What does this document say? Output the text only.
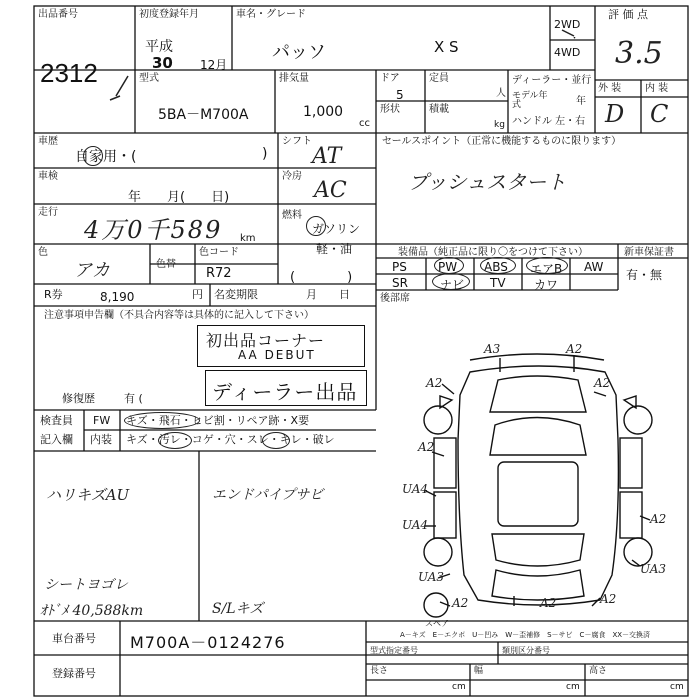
出品番号
2312
初度登録年月
平成
30 12月
車名・グレード
パッソ	X S
2WD
・
4WD
評 価 点
3.5
外 装 内 装
D C
型式
5BA－M700A
排気量
1,000
cc
ドア
5
形状
定員
人
積載
kg
ディーラー・並行
モデル年式	年
ハンドル 左・右
車歴
自家用・(	)
車検
年　　月(　　日)
走行
4万0千589 km
色
アカ	色替
色コード
R72	(　　　　)
シフト
AT
冷房
AC
燃料
ガソリン
軽・油
R券	8,190	円 名変期限	月　　日
セールスポイント（正常に機能するものに限ります）
プッシュスタート
装備品（純正品に限り〇をつけて下さい）	新車保証書
PS	PW ABS エアB AW
SR	ナビ TV カワ
有・無
後部席
注意事項申告欄（不具合内容等は具体的に記入して下さい）
初出品コーナー
AA DEBUT
ディーラー出品
修復歴	有 (
検査員
記入欄
FW
内装
キズ・飛石・ヒビ割・リペア跡・X要
キズ・汚レ・コゲ・穴・スレ・キレ・破レ
ハリキズAU	エンドパイプサビ
シートヨゴレ
ｵﾄﾞﾒ 40,588km	S/Lキズ
A3	A2
A2	A2
A2
UA4
UA4	A2
UA3
UA3
A2	A2	A2
スペア
A－キズ　E－エクボ　U－凹み　W－歪補修　S－サビ　C－腐食　XX－交換済
車台番号 M700A－0124276
登録番号
型式指定番号	類別区分番号
長さ	幅	高さ
cm	cm	cm
